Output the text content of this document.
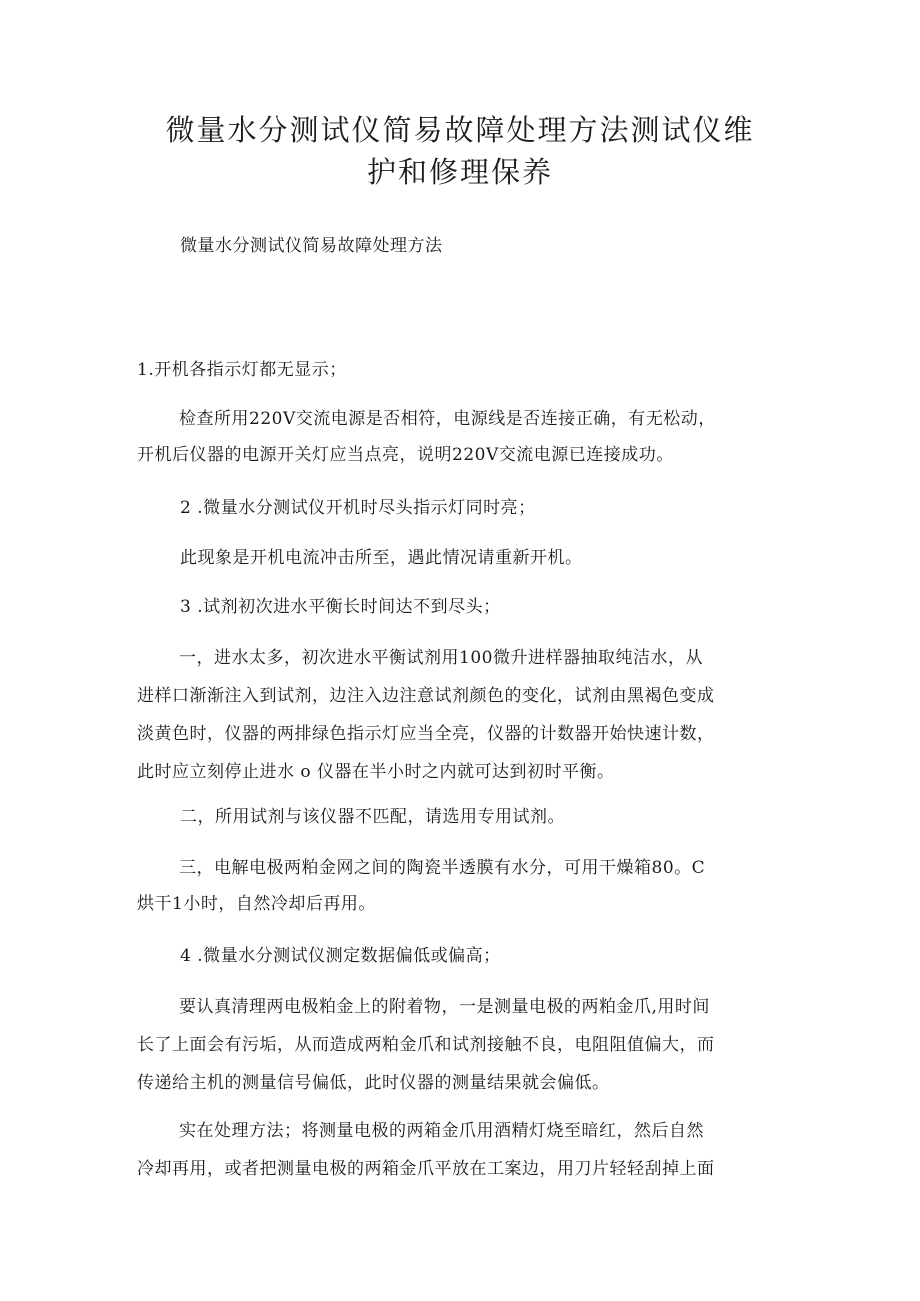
微量水分测试仪简易故障处理方法测试仪维
护和修理保养

微量水分测试仪简易故障处理方法

1.开机各指示灯都无显示；

检查所用220V交流电源是否相符，电源线是否连接正确，有无松动，
开机后仪器的电源开关灯应当点亮，说明220V交流电源已连接成功。

2 .微量水分测试仪开机时尽头指示灯同时亮；

此现象是开机电流冲击所至，遇此情况请重新开机。

3 .试剂初次进水平衡长时间达不到尽头；

一，进水太多，初次进水平衡试剂用100微升进样器抽取纯洁水，从
进样口渐渐注入到试剂，边注入边注意试剂颜色的变化，试剂由黑褐色变成
淡黄色时，仪器的两排绿色指示灯应当全亮，仪器的计数器开始快速计数，
此时应立刻停止进水 o 仪器在半小时之内就可达到初时平衡。

二，所用试剂与该仪器不匹配，请选用专用试剂。

三，电解电极两粕金网之间的陶瓷半透膜有水分，可用干燥箱80。C
烘干1小时，自然冷却后再用。

4 .微量水分测试仪测定数据偏低或偏高；

要认真清理两电极粕金上的附着物，一是测量电极的两粕金爪,用时间
长了上面会有污垢，从而造成两粕金爪和试剂接触不良，电阻阻值偏大，而
传递给主机的测量信号偏低，此时仪器的测量结果就会偏低。

实在处理方法；将测量电极的两箱金爪用酒精灯烧至暗红，然后自然
冷却再用，或者把测量电极的两箱金爪平放在工案边，用刀片轻轻刮掉上面
